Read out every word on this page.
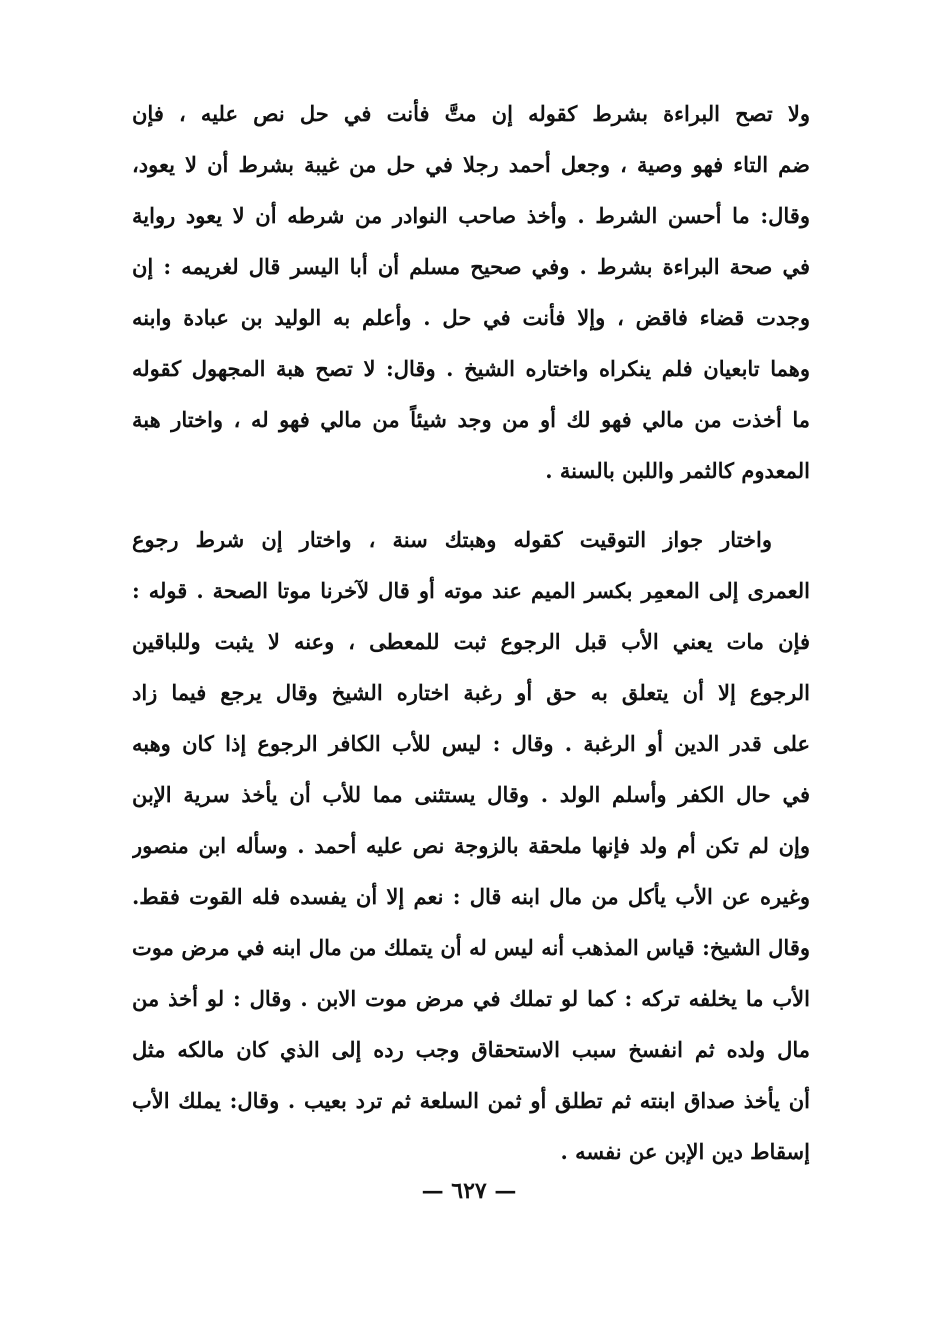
ولا تصح البراءة بشرط كقوله إن متَّ فأنت في حل نص عليه ، فإن
ضم التاء فهو وصية ، وجعل أحمد رجلا في حل من غيبة بشرط أن لا يعود،
وقال: ما أحسن الشرط . وأخذ صاحب النوادر من شرطه أن لا يعود رواية
في صحة البراءة بشرط . وفي صحيح مسلم أن أبا اليسر قال لغريمه : إن
وجدت قضاء فاقض ، وإلا فأنت في حل . وأعلم به الوليد بن عبادة وابنه
وهما تابعيان فلم ينكراه واختاره الشيخ . وقال: لا تصح هبة المجهول كقوله
ما أخذت من مالي فهو لك أو من وجد شيئاً من مالي فهو له ، واختار هبة
المعدوم كالثمر واللبن بالسنة .
واختار جواز التوقيت كقوله وهبتك سنة ، واختار إن شرط رجوع
العمرى إلى المعمِر بكسر الميم عند موته أو قال لآخرنا موتا الصحة . قوله :
فإن مات يعني الأب قبل الرجوع ثبت للمعطى ، وعنه لا يثبت وللباقين
الرجوع إلا أن يتعلق به حق أو رغبة اختاره الشيخ وقال يرجع فيما زاد
على قدر الدين أو الرغبة . وقال : ليس للأب الكافر الرجوع إذا كان وهبه
في حال الكفر وأسلم الولد . وقال يستثنى مما للأب أن يأخذ سرية الإبن
وإن لم تكن أم ولد فإنها ملحقة بالزوجة نص عليه أحمد . وسأله ابن منصور
وغيره عن الأب يأكل من مال ابنه قال : نعم إلا أن يفسده فله القوت فقط.
وقال الشيخ: قياس المذهب أنه ليس له أن يتملك من مال ابنه في مرض موت
الأب ما يخلفه تركه : كما لو تملك في مرض موت الابن . وقال : لو أخذ من
مال ولده ثم انفسخ سبب الاستحقاق وجب رده إلى الذي كان مالكه مثل
أن يأخذ صداق ابنته ثم تطلق أو ثمن السلعة ثم ترد بعيب . وقال: يملك الأب
إسقاط دين الإبن عن نفسه .
— ٦٢٧ —
